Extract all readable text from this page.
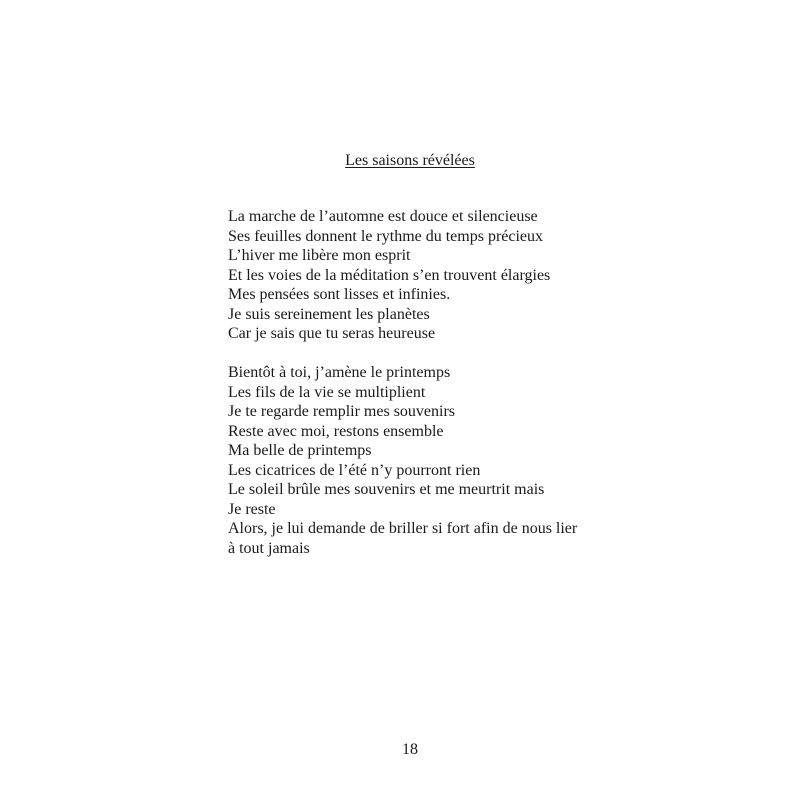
Les saisons révélées
La marche de l’automne est douce et silencieuse
Ses feuilles donnent le rythme du temps précieux
L’hiver me libère mon esprit
Et les voies de la méditation s’en trouvent élargies
Mes pensées sont lisses et infinies.
Je suis sereinement les planètes
Car je sais que tu seras heureuse
Bientôt à toi, j’amène le printemps
Les fils de la vie se multiplient
Je te regarde remplir mes souvenirs
Reste avec moi, restons ensemble
Ma belle de printemps
Les cicatrices de l’été n’y pourront rien
Le soleil brûle mes souvenirs et me meurtrit mais
Je reste
Alors, je lui demande de briller si fort afin de nous lier
à tout jamais
18
